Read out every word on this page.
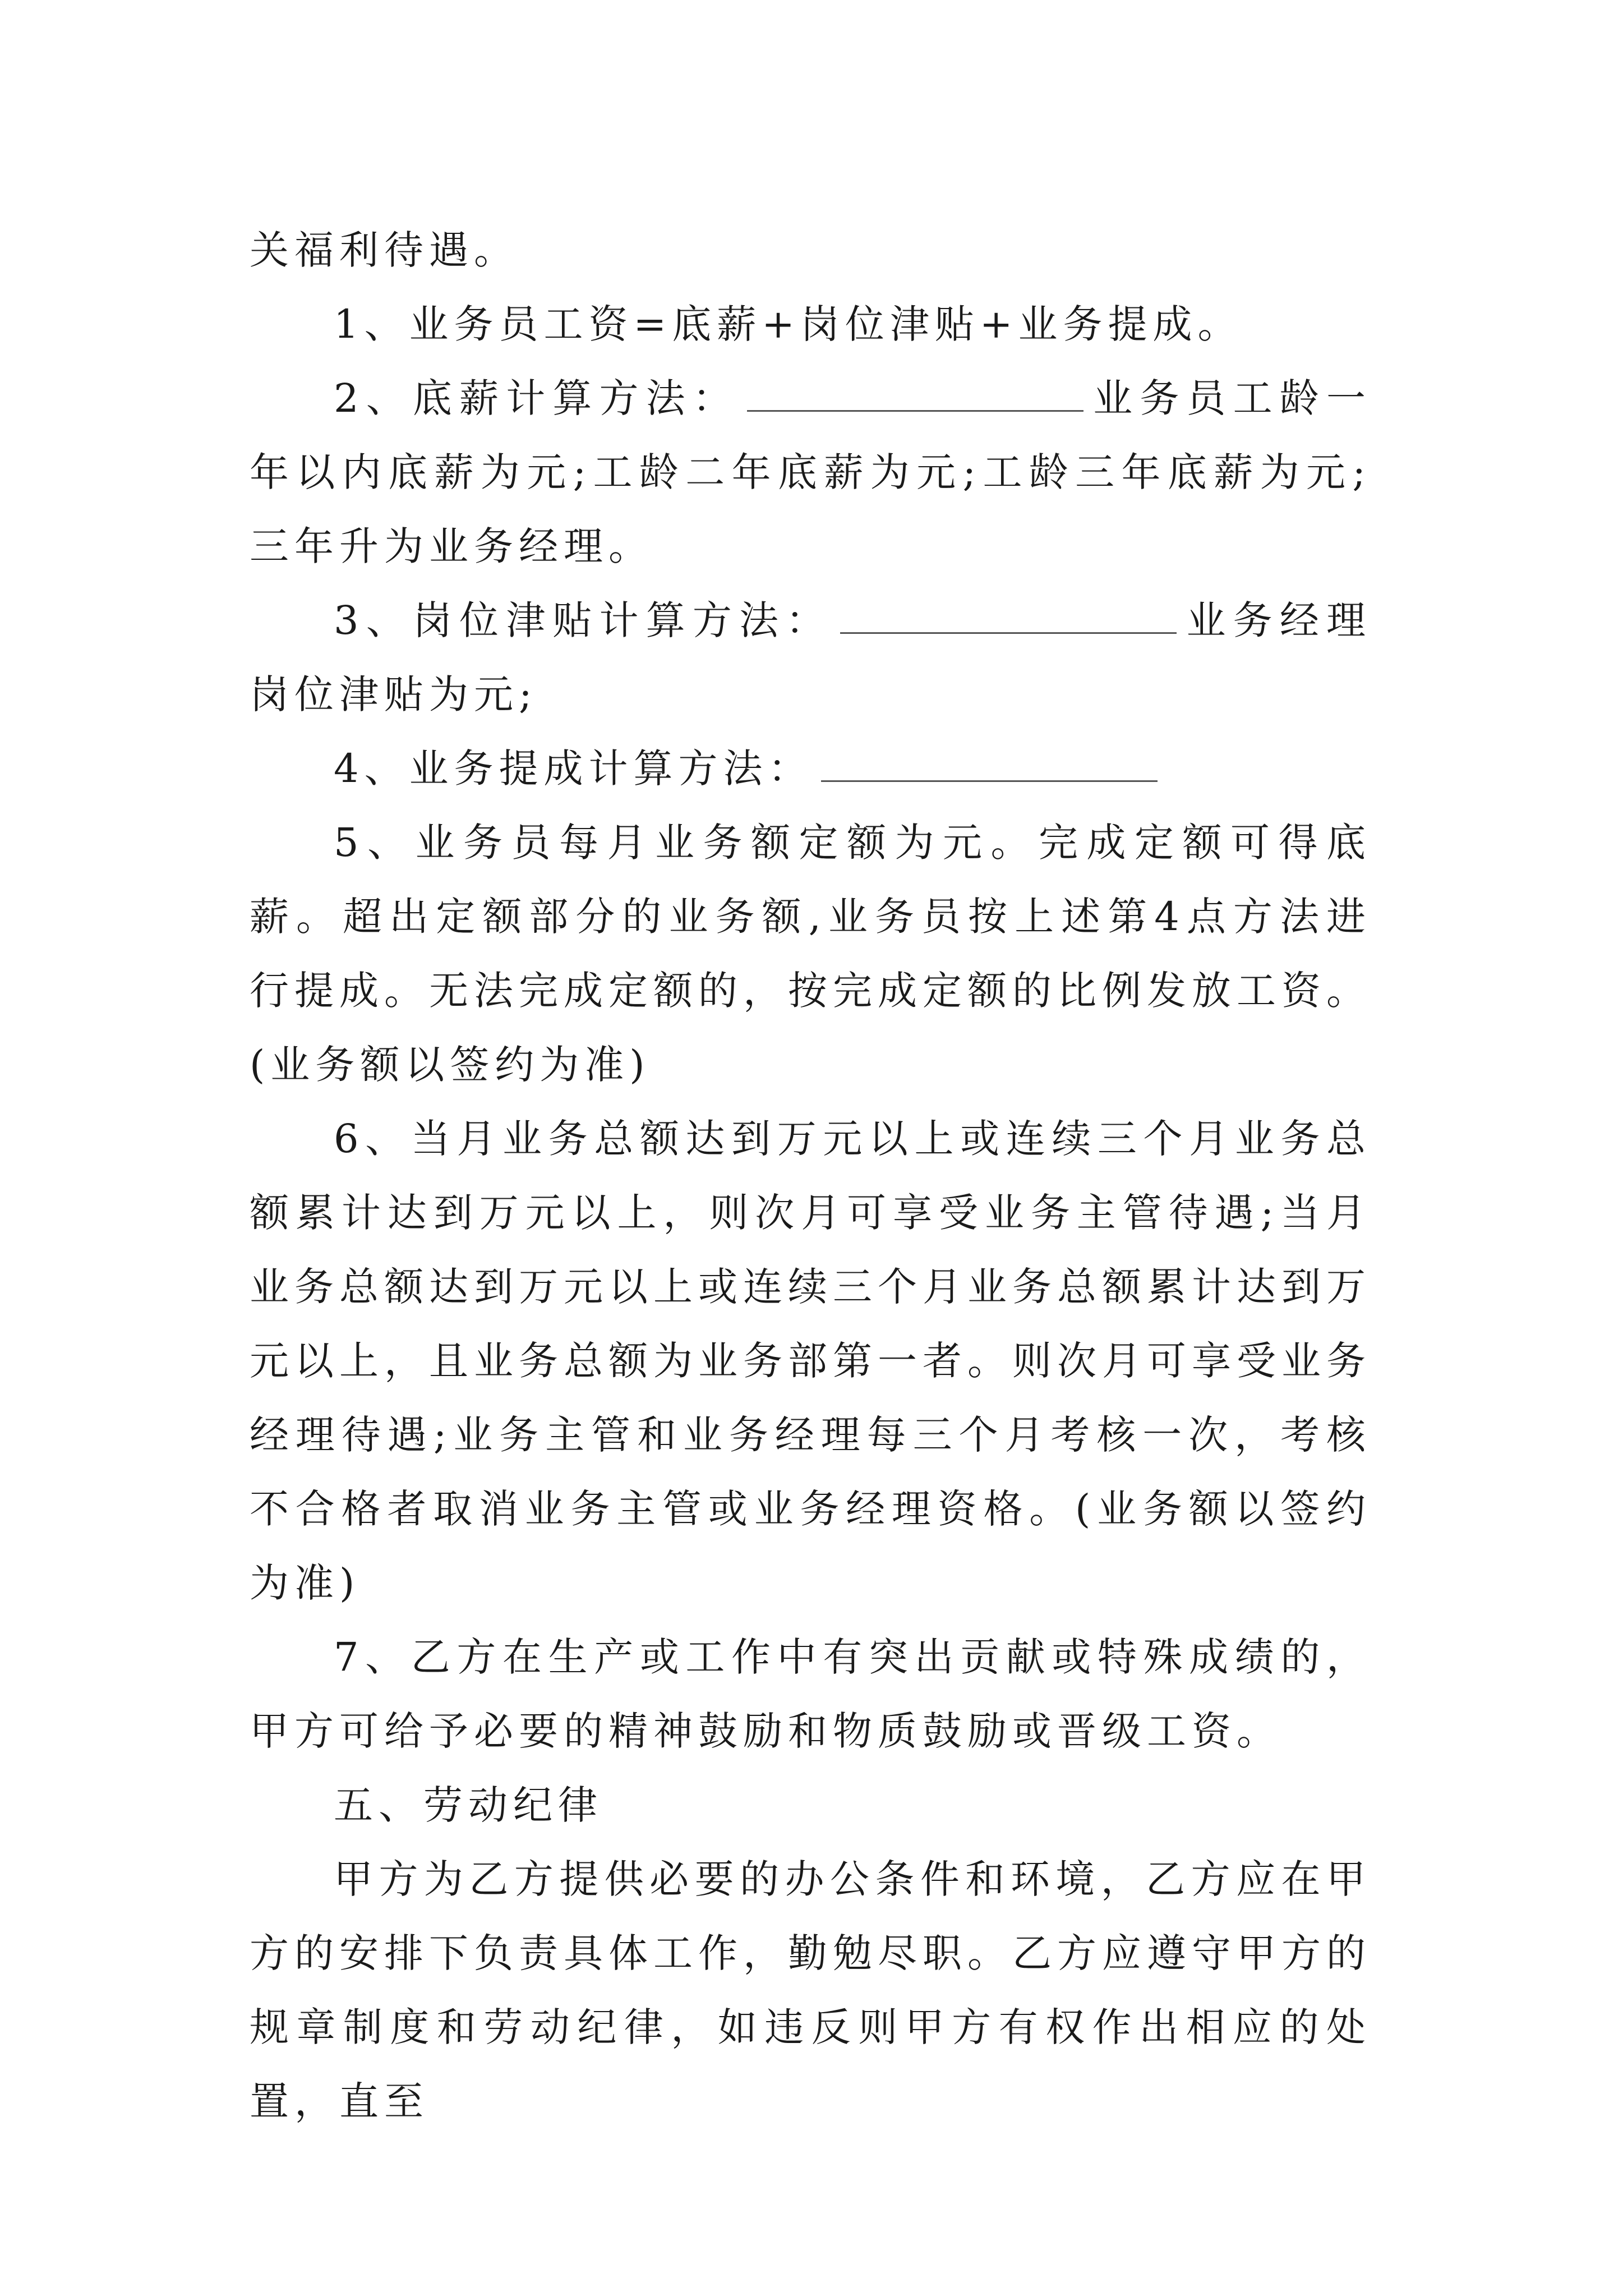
关福利待遇。

1、业务员工资=底薪+岗位津贴+业务提成。

2、底薪计算方法：	业务员工龄一年以内底薪为元;工龄二年底薪为元;工龄三年底薪为元;三年升为业务经理。

3、岗位津贴计算方法：	业务经理岗位津贴为元;

4、业务提成计算方法：

5、业务员每月业务额定额为元。完成定额可得底薪。超出定额部分的业务额,业务员按上述第4点方法进行提成。无法完成定额的，按完成定额的比例发放工资。(业务额以签约为准)

6、当月业务总额达到万元以上或连续三个月业务总额累计达到万元以上，则次月可享受业务主管待遇;当月业务总额达到万元以上或连续三个月业务总额累计达到万元以上，且业务总额为业务部第一者。则次月可享受业务经理待遇;业务主管和业务经理每三个月考核一次，考核不合格者取消业务主管或业务经理资格。(业务额以签约为准)

7、乙方在生产或工作中有突出贡献或特殊成绩的，甲方可给予必要的精神鼓励和物质鼓励或晋级工资。

五、劳动纪律

甲方为乙方提供必要的办公条件和环境，乙方应在甲方的安排下负责具体工作，勤勉尽职。乙方应遵守甲方的规章制度和劳动纪律，如违反则甲方有权作出相应的处置，直至
